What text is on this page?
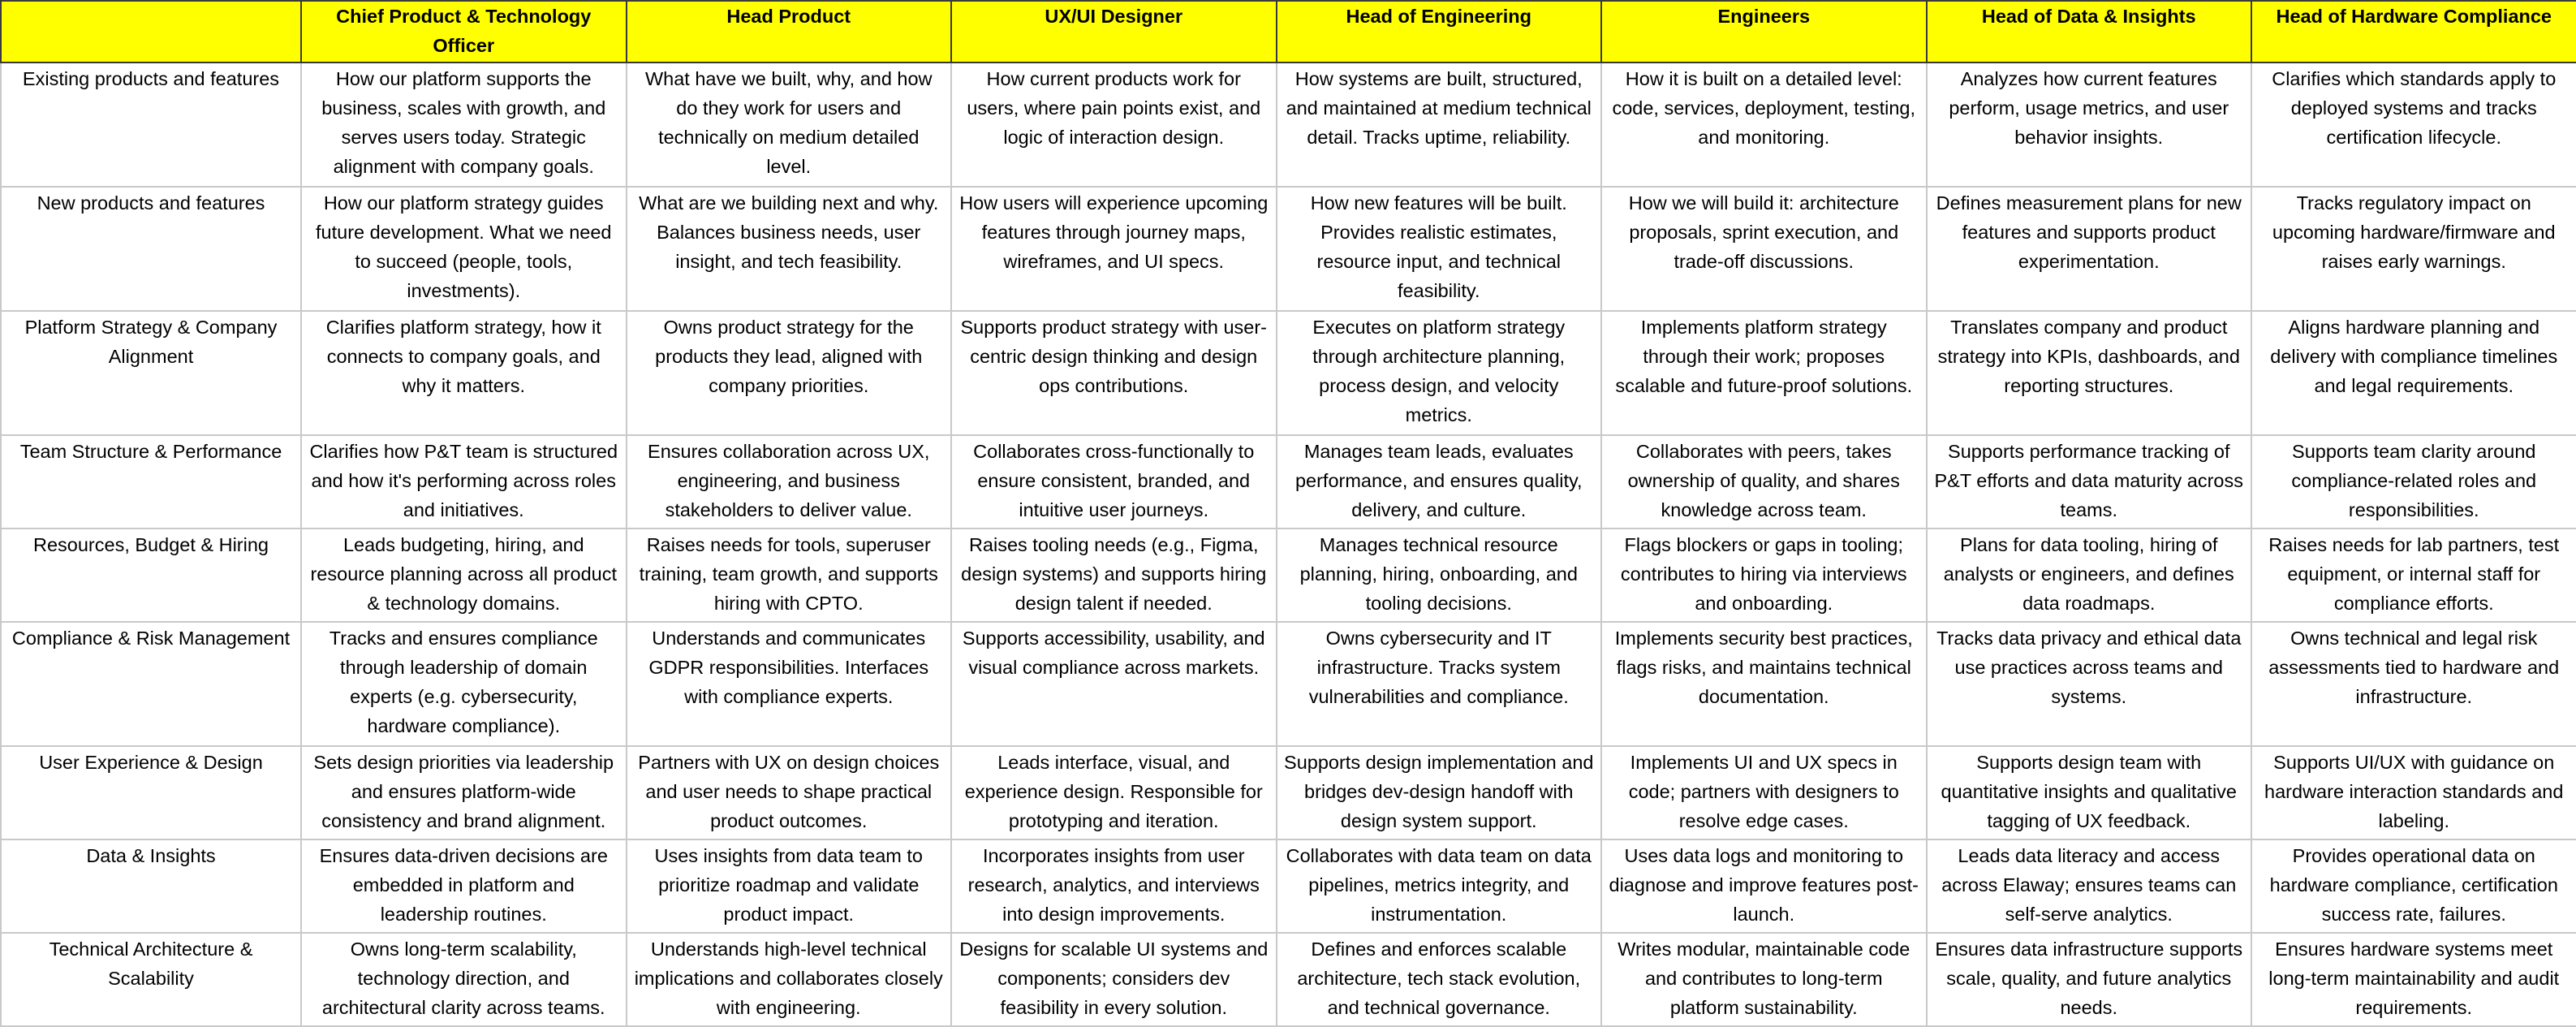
	Chief Product & Technology Officer	Head Product	UX/UI Designer	Head of Engineering	Engineers	Head of Data & Insights	Head of Hardware Compliance
Existing products and features	How our platform supports the business, scales with growth, and serves users today. Strategic alignment with company goals.	What have we built, why, and how do they work for users and technically on medium detailed level.	How current products work for users, where pain points exist, and logic of interaction design.	How systems are built, structured, and maintained at medium technical detail. Tracks uptime, reliability.	How it is built on a detailed level: code, services, deployment, testing, and monitoring.	Analyzes how current features perform, usage metrics, and user behavior insights.	Clarifies which standards apply to deployed systems and tracks certification lifecycle.
New products and features	How our platform strategy guides future development. What we need to succeed (people, tools, investments).	What are we building next and why. Balances business needs, user insight, and tech feasibility.	How users will experience upcoming features through journey maps, wireframes, and UI specs.	How new features will be built. Provides realistic estimates, resource input, and technical feasibility.	How we will build it: architecture proposals, sprint execution, and trade-off discussions.	Defines measurement plans for new features and supports product experimentation.	Tracks regulatory impact on upcoming hardware/firmware and raises early warnings.
Platform Strategy & Company Alignment	Clarifies platform strategy, how it connects to company goals, and why it matters.	Owns product strategy for the products they lead, aligned with company priorities.	Supports product strategy with user-centric design thinking and design ops contributions.	Executes on platform strategy through architecture planning, process design, and velocity metrics.	Implements platform strategy through their work; proposes scalable and future-proof solutions.	Translates company and product strategy into KPIs, dashboards, and reporting structures.	Aligns hardware planning and delivery with compliance timelines and legal requirements.
Team Structure & Performance	Clarifies how P&T team is structured and how it's performing across roles and initiatives.	Ensures collaboration across UX, engineering, and business stakeholders to deliver value.	Collaborates cross-functionally to ensure consistent, branded, and intuitive user journeys.	Manages team leads, evaluates performance, and ensures quality, delivery, and culture.	Collaborates with peers, takes ownership of quality, and shares knowledge across team.	Supports performance tracking of P&T efforts and data maturity across teams.	Supports team clarity around compliance-related roles and responsibilities.
Resources, Budget & Hiring	Leads budgeting, hiring, and resource planning across all product & technology domains.	Raises needs for tools, superuser training, team growth, and supports hiring with CPTO.	Raises tooling needs (e.g., Figma, design systems) and supports hiring design talent if needed.	Manages technical resource planning, hiring, onboarding, and tooling decisions.	Flags blockers or gaps in tooling; contributes to hiring via interviews and onboarding.	Plans for data tooling, hiring of analysts or engineers, and defines data roadmaps.	Raises needs for lab partners, test equipment, or internal staff for compliance efforts.
Compliance & Risk Management	Tracks and ensures compliance through leadership of domain experts (e.g. cybersecurity, hardware compliance).	Understands and communicates GDPR responsibilities. Interfaces with compliance experts.	Supports accessibility, usability, and visual compliance across markets.	Owns cybersecurity and IT infrastructure. Tracks system vulnerabilities and compliance.	Implements security best practices, flags risks, and maintains technical documentation.	Tracks data privacy and ethical data use practices across teams and systems.	Owns technical and legal risk assessments tied to hardware and infrastructure.
User Experience & Design	Sets design priorities via leadership and ensures platform-wide consistency and brand alignment.	Partners with UX on design choices and user needs to shape practical product outcomes.	Leads interface, visual, and experience design. Responsible for prototyping and iteration.	Supports design implementation and bridges dev-design handoff with design system support.	Implements UI and UX specs in code; partners with designers to resolve edge cases.	Supports design team with quantitative insights and qualitative tagging of UX feedback.	Supports UI/UX with guidance on hardware interaction standards and labeling.
Data & Insights	Ensures data-driven decisions are embedded in platform and leadership routines.	Uses insights from data team to prioritize roadmap and validate product impact.	Incorporates insights from user research, analytics, and interviews into design improvements.	Collaborates with data team on data pipelines, metrics integrity, and instrumentation.	Uses data logs and monitoring to diagnose and improve features post-launch.	Leads data literacy and access across Elaway; ensures teams can self-serve analytics.	Provides operational data on hardware compliance, certification success rate, failures.
Technical Architecture & Scalability	Owns long-term scalability, technology direction, and architectural clarity across teams.	Understands high-level technical implications and collaborates closely with engineering.	Designs for scalable UI systems and components; considers dev feasibility in every solution.	Defines and enforces scalable architecture, tech stack evolution, and technical governance.	Writes modular, maintainable code and contributes to long-term platform sustainability.	Ensures data infrastructure supports scale, quality, and future analytics needs.	Ensures hardware systems meet long-term maintainability and audit requirements.
